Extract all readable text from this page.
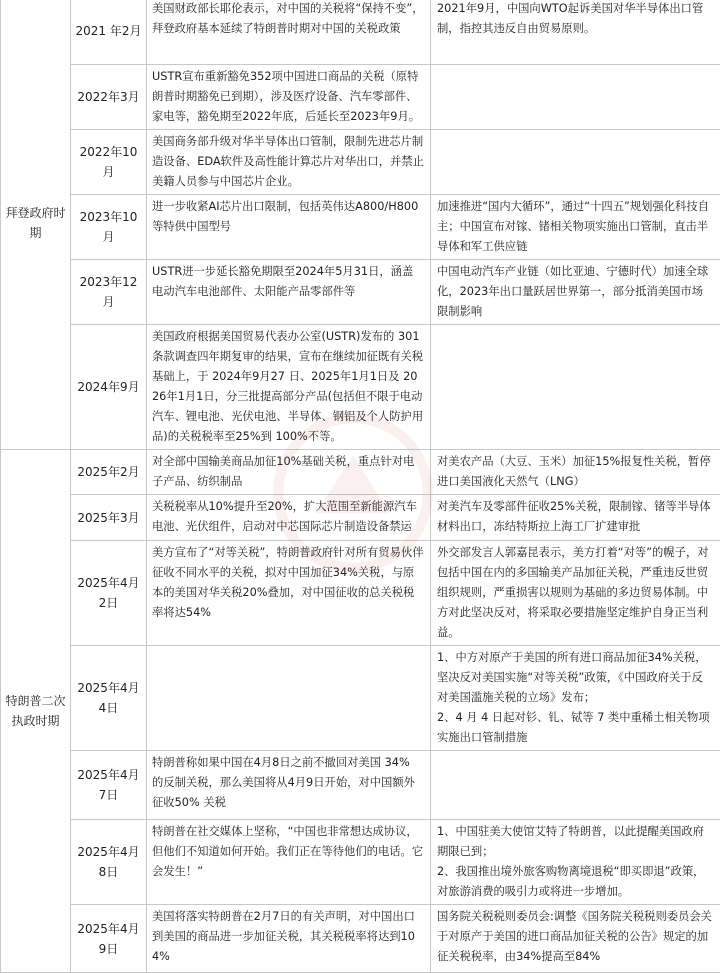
拜登政府时期	2021 年2月	美国财政部长耶伦表示，对中国的关税将“保持不变”，拜登政府基本延续了特朗普时期对中国的关税政策	2021年9月，中国向WTO起诉美国对华半导体出口管制，指控其违反自由贸易原则。
	2022年3月	USTR宣布重新豁免352项中国进口商品的关税（原特朗普时期豁免已到期），涉及医疗设备、汽车零部件、家电等，豁免期至2022年底，后延长至2023年9月。	
	2022年10月	美国商务部升级对华半导体出口管制，限制先进芯片制造设备、EDA软件及高性能计算芯片对华出口，并禁止美籍人员参与中国芯片企业。	
	2023年10月	进一步收紧AI芯片出口限制，包括英伟达A800/H800等特供中国型号	加速推进“国内大循环”，通过“十四五”规划强化科技自主；中国宣布对镓、锗相关物项实施出口管制，直击半导体和军工供应链
	2023年12月	USTR进一步延长豁免期限至2024年5月31日，涵盖电动汽车电池部件、太阳能产品零部件等	中国电动汽车产业链（如比亚迪、宁德时代）加速全球化，2023年出口量跃居世界第一，部分抵消美国市场限制影响
	2024年9月	美国政府根据美国贸易代表办公室(USTR)发布的 301条款调查四年期复审的结果，宣布在继续加征既有关税基础上，于 2024年9月27 日、2025年1月1日及 2026年1月1日，分三批提高部分产品(包括但不限于电动汽车、锂电池、光伏电池、半导体、钢铝及个人防护用品)的关税税率至25%到 100%不等。	
特朗普二次执政时期	2025年2月	对全部中国输美商品加征10%基础关税，重点针对电子产品、纺织制品	对美农产品（大豆、玉米）加征15%报复性关税，暂停进口美国液化天然气（LNG）
	2025年3月	关税税率从10%提升至20%，扩大范围至新能源汽车电池、光伏组件，启动对中芯国际芯片制造设备禁运	对美汽车及零部件征收25%关税，限制镓、锗等半导体材料出口，冻结特斯拉上海工厂扩建审批
	2025年4月2日	美方宣布了“对等关税”，特朗普政府针对所有贸易伙伴征收不同水平的关税，拟对中国加征34%关税，与原本的美国对华关税20%叠加，对中国征收的总关税税率将达54%	外交部发言人郭嘉昆表示，美方打着“对等”的幌子，对包括中国在内的多国输美产品加征关税，严重违反世贸组织规则，严重损害以规则为基础的多边贸易体制。中方对此坚决反对，将采取必要措施坚定维护自身正当利益。
	2025年4月4日		1、中方对原产于美国的所有进口商品加征34%关税，坚决反对美国实施“对等关税”政策，《中国政府关于反对美国滥施关税的立场》发布；
2、4 月 4 日起对钐、钆、铽等 7 类中重稀土相关物项实施出口管制措施
	2025年4月7日	特朗普称如果中国在4月8日之前不撤回对美国 34% 的反制关税，那么美国将从4月9日开始，对中国额外征收50% 关税	
	2025年4月8日	特朗普在社交媒体上坚称，“中国也非常想达成协议，但他们不知道如何开始。我们正在等待他们的电话。它会发生！”	1、中国驻美大使馆艾特了特朗普，以此提醒美国政府期限已到；
2、我国推出境外旅客购物离境退税“即买即退”政策，对旅游消费的吸引力或将进一步增加。
	2025年4月9日	美国将落实特朗普在2月7日的有关声明，对中国出口到美国的商品进一步加征关税，其关税税率将达到104%	国务院关税税则委员会:调整《国务院关税税则委员会关于对原产于美国的进口商品加征关税的公告》规定的加征关税税率，由34%提高至84%
